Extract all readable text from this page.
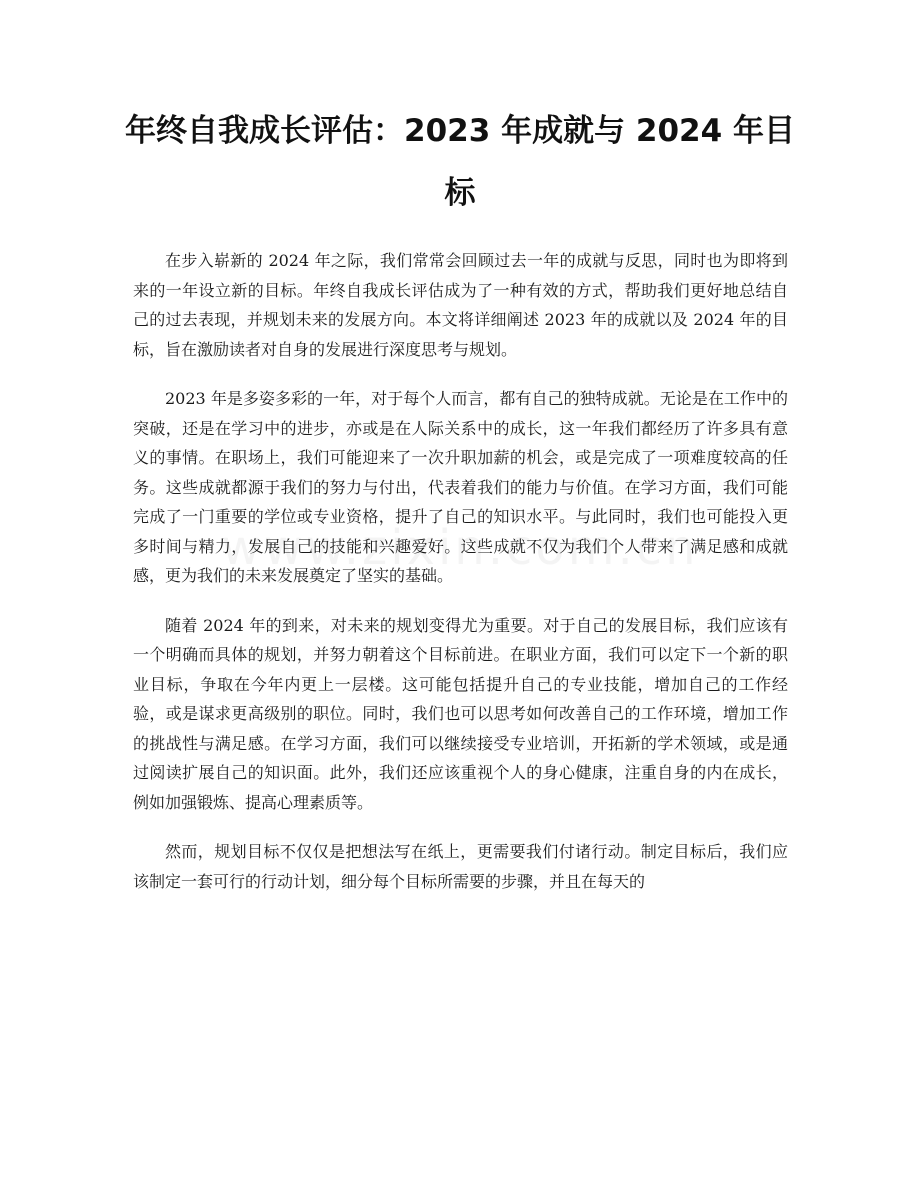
年终自我成长评估：2023 年成就与 2024 年目标

在步入崭新的 2024 年之际，我们常常会回顾过去一年的成就与反思，同时也为即将到来的一年设立新的目标。年终自我成长评估成为了一种有效的方式，帮助我们更好地总结自己的过去表现，并规划未来的发展方向。本文将详细阐述 2023 年的成就以及 2024 年的目标，旨在激励读者对自身的发展进行深度思考与规划。

2023 年是多姿多彩的一年，对于每个人而言，都有自己的独特成就。无论是在工作中的突破，还是在学习中的进步，亦或是在人际关系中的成长，这一年我们都经历了许多具有意义的事情。在职场上，我们可能迎来了一次升职加薪的机会，或是完成了一项难度较高的任务。这些成就都源于我们的努力与付出，代表着我们的能力与价值。在学习方面，我们可能完成了一门重要的学位或专业资格，提升了自己的知识水平。与此同时，我们也可能投入更多时间与精力，发展自己的技能和兴趣爱好。这些成就不仅为我们个人带来了满足感和成就感，更为我们的未来发展奠定了坚实的基础。

随着 2024 年的到来，对未来的规划变得尤为重要。对于自己的发展目标，我们应该有一个明确而具体的规划，并努力朝着这个目标前进。在职业方面，我们可以定下一个新的职业目标，争取在今年内更上一层楼。这可能包括提升自己的专业技能，增加自己的工作经验，或是谋求更高级别的职位。同时，我们也可以思考如何改善自己的工作环境，增加工作的挑战性与满足感。在学习方面，我们可以继续接受专业培训，开拓新的学术领域，或是通过阅读扩展自己的知识面。此外，我们还应该重视个人的身心健康，注重自身的内在成长，例如加强锻炼、提高心理素质等。

然而，规划目标不仅仅是把想法写在纸上，更需要我们付诸行动。制定目标后，我们应该制定一套可行的行动计划，细分每个目标所需要的步骤，并且在每天的
